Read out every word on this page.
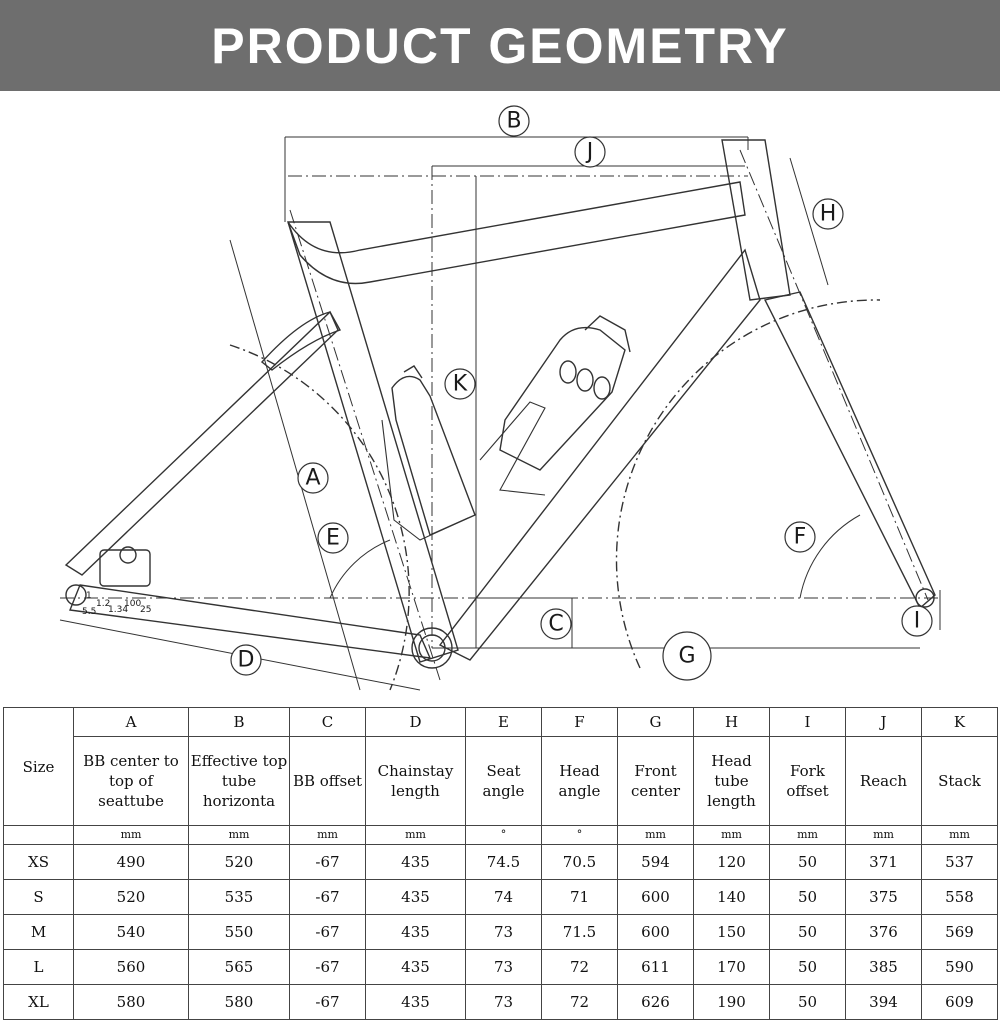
PRODUCT GEOMETRY
B
J
H
K
A
E	F
C
D	G
I
1
1.2
1.34
100
25
5.5
Size	A	B	C	D	E	F	G	H	I	J	K
	BB center to top of seattube	Effective top tube horizonta	BB offset	Chainstay length	Seat angle	Head angle	Front center	Head tube length	Fork offset	Reach	Stack
	mm	mm	mm	mm	°	°	mm	mm	mm	mm	mm
XS	490	520	-67	435	74.5	70.5	594	120	50	371	537
S	520	535	-67	435	74	71	600	140	50	375	558
M	540	550	-67	435	73	71.5	600	150	50	376	569
L	560	565	-67	435	73	72	611	170	50	385	590
XL	580	580	-67	435	73	72	626	190	50	394	609
